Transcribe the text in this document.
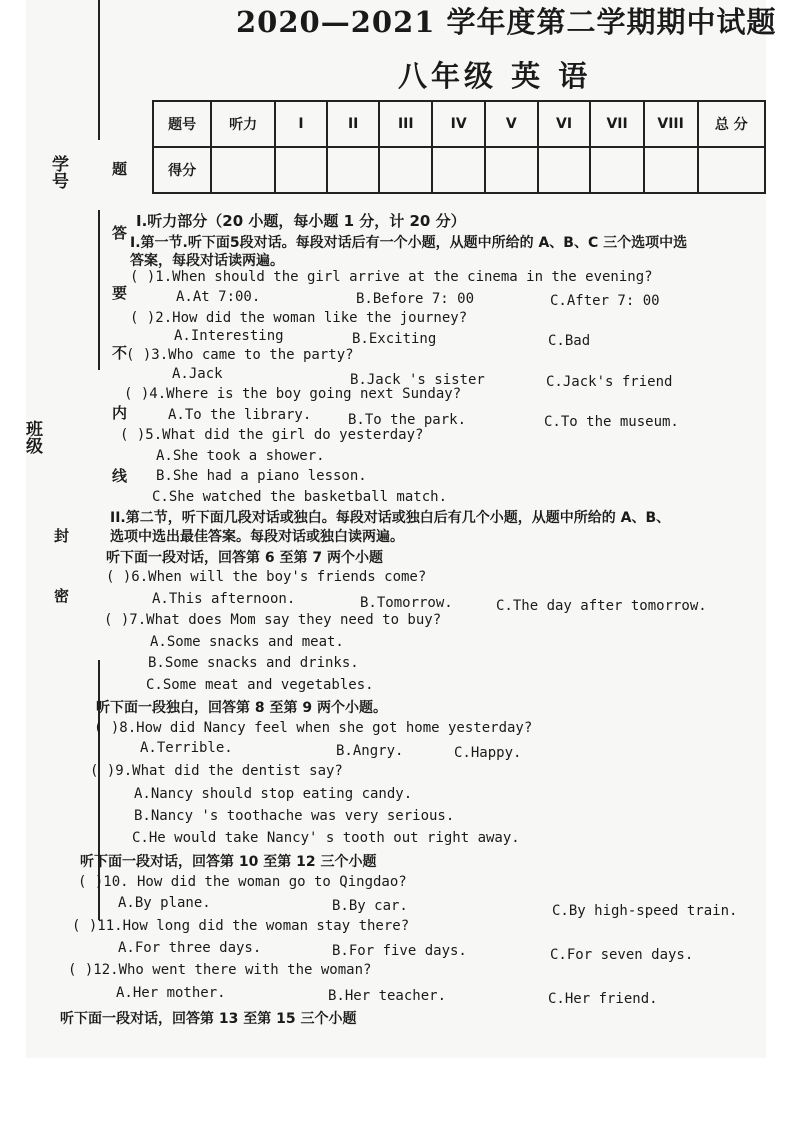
2020—2021 学年度第二学期期中试题
八年级 英 语
学号
班级
题
答
要
不
内
线
封
密
题号	听力	I	II	III	IV	V	VI	VII	VIII	总 分
得分										
I.听力部分（20 小题，每小题 1 分，计 20 分）
I.第一节.听下面5段对话。每段对话后有一个小题，从题中所给的 A、B、C 三个选项中选
答案，每段对话读两遍。
( )1.When should the girl arrive at the cinema in the evening?
A.At 7:00.	B.Before 7: 00	C.After 7: 00
( )2.How did the woman like the journey?
A.Interesting	B.Exciting	C.Bad
( )3.Who came to the party?
A.Jack	B.Jack 's sister	C.Jack's friend
( )4.Where is the boy going next Sunday?
A.To the library.	B.To the park.	C.To the museum.
( )5.What did the girl do yesterday?
A.She took a shower.
B.She had a piano lesson.
C.She watched the basketball match.
II.第二节，听下面几段对话或独白。每段对话或独白后有几个小题，从题中所给的 A、B、
选项中选出最佳答案。每段对话或独白读两遍。
听下面一段对话，回答第 6 至第 7 两个小题
( )6.When will the boy's friends come?
A.This afternoon.	B.Tomorrow.	C.The day after tomorrow.
( )7.What does Mom say they need to buy?
A.Some snacks and meat.
B.Some snacks and drinks.
C.Some meat and vegetables.
听下面一段独白，回答第 8 至第 9 两个小题。
( )8.How did Nancy feel when she got home yesterday?
A.Terrible.	B.Angry.	C.Happy.
( )9.What did the dentist say?
A.Nancy should stop eating candy.
B.Nancy 's toothache was very serious.
C.He would take Nancy' s tooth out right away.
听下面一段对话，回答第 10 至第 12 三个小题
( )10. How did the woman go to Qingdao?
A.By plane.	B.By car.	C.By high-speed train.
( )11.How long did the woman stay there?
A.For three days.	B.For five days.	C.For seven days.
( )12.Who went there with the woman?
A.Her mother.	B.Her teacher.	C.Her friend.
听下面一段对话，回答第 13 至第 15 三个小题
